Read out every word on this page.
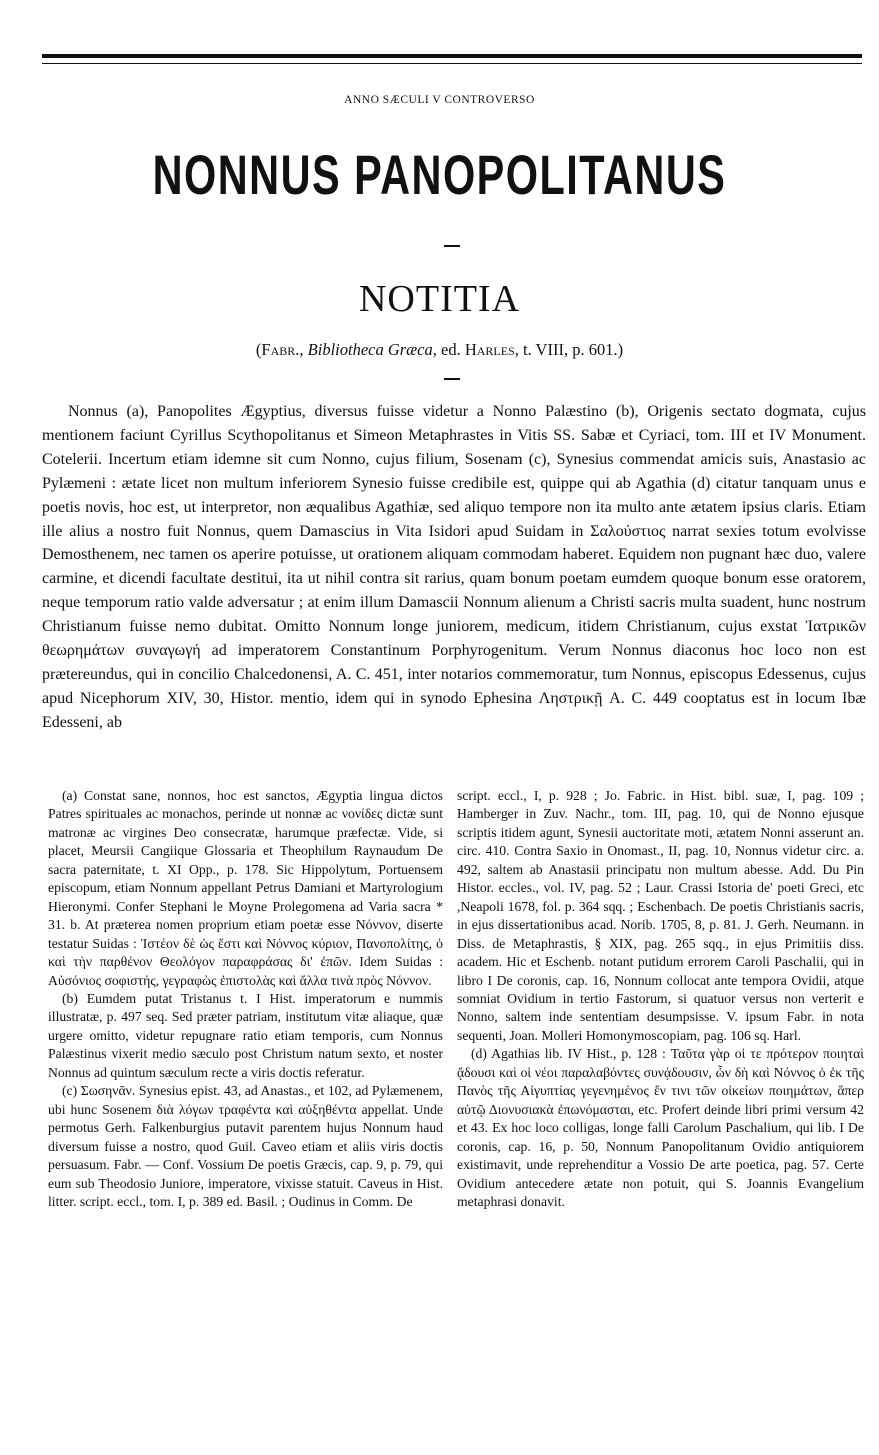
ANNO SÆCULI V CONTROVERSO
NONNUS PANOPOLITANUS
NOTITIA
(Fabr., Bibliotheca Græca, ed. Harles, t. VIII, p. 601.)

Nonnus (a), Panopolites Ægyptius, diversus fuisse videtur a Nonno Palæstino (b), Origenis sectato dogmata, cujus mentionem faciunt Cyrillus Scythopolitanus et Simeon Metaphrastes in Vitis SS. Sabæ et Cyriaci, tom. III et IV Monument. Cotelerii. Incertum etiam idemne sit cum Nonno, cujus filium, Sosenam (c), Synesius commendat amicis suis, Anastasio ac Pylæmeni : ætate licet non multum inferiorem Synesio fuisse credibile est, quippe qui ab Agathia (d) citatur tanquam unus e poetis novis, hoc est, ut interpretor, non æqualibus Agathiæ, sed aliquo tempore non ita multo ante ætatem ipsius claris. Etiam ille alius a nostro fuit Nonnus, quem Damascius in Vita Isidori apud Suidam in Σαλούστιος narrat sexies totum evolvisse Demosthenem, nec tamen os aperire potuisse, ut orationem aliquam commodam haberet. Equidem non pugnant hæc duo, valere carmine, et dicendi facultate destitui, ita ut nihil contra sit rarius, quam bonum poetam eumdem quoque bonum esse oratorem, neque temporum ratio valde adversatur ; at enim illum Damascii Nonnum alienum a Christi sacris multa suadent, hunc nostrum Christianum fuisse nemo dubitat. Omitto Nonnum longe juniorem, medicum, itidem Christianum, cujus exstat Ἰατρικῶν θεωρημάτων συναγωγή ad imperatorem Constantinum Porphyrogenitum. Verum Nonnus diaconus hoc loco non est prætereundus, qui in concilio Chalcedonensi, A. C. 451, inter notarios commemoratur, tum Nonnus, episcopus Edessenus, cujus apud Nicephorum XIV, 30, Histor. mentio, idem qui in synodo Ephesina Ληστρικῇ A. C. 449 cooptatus est in locum Ibæ Edesseni, ab

(a) Constat sane, nonnos, hoc est sanctos, Ægyptia lingua dictos Patres spirituales ac monachos, perinde ut nonnæ ac νονίδες dictæ sunt matronæ ac virgines Deo consecratæ, harumque præfectæ. Vide, si placet, Meursii Cangiique Glossaria et Theophilum Raynaudum De sacra paternitate, t. XI Opp., p. 178. Sic Hippolytum, Portuensem episcopum, etiam Nonnum appellant Petrus Damiani et Martyrologium Hieronymi. Confer Stephani le Moyne Prolegomena ad Varia sacra * 31. b. At præterea nomen proprium etiam poetæ esse Νόννον, diserte testatur Suidas : Ἰστέον δὲ ὡς ἔστι καὶ Νόννος κύριον, Πανοπολίτης, ὁ καὶ τὴν παρθένον Θεολόγον παραφράσας δι' ἐπῶν. Idem Suidas : Αὐσόνιος σοφιστής, γεγραφὼς ἐπιστολὰς καὶ ἄλλα τινὰ πρὸς Νόννον.

(b) Eumdem putat Tristanus t. I Hist. imperatorum e nummis illustratæ, p. 497 seq. Sed præter patriam, institutum vitæ aliaque, quæ urgere omitto, videtur repugnare ratio etiam temporis, cum Nonnus Palæstinus vixerit medio sæculo post Christum natum sexto, et noster Nonnus ad quintum sæculum recte a viris doctis referatur.

(c) Σωσηνᾶν. Synesius epist. 43, ad Anastas., et 102, ad Pylæmenem, ubi hunc Sosenem διὰ λόγων τραφέντα καὶ αὐξηθέντα appellat. Unde permotus Gerh. Falkenburgius putavit parentem hujus Nonnum haud diversum fuisse a nostro, quod Guil. Caveo etiam et aliis viris doctis persuasum. Fabr. — Conf. Vossium De poetis Græcis, cap. 9, p. 79, qui eum sub Theodosio Juniore, imperatore, vixisse statuit. Caveus in Hist. litter. script. eccl., tom. I, p. 389 ed. Basil. ; Oudinus in Comm. De

script. eccl., I, p. 928 ; Jo. Fabric. in Hist. bibl. suæ, I, pag. 109 ; Hamberger in Zuv. Nachr., tom. III, pag. 10, qui de Nonno ejusque scriptis itidem agunt, Synesii auctoritate moti, ætatem Nonni asserunt an. circ. 410. Contra Saxio in Onomast., II, pag. 10, Nonnus videtur circ. a. 492, saltem ab Anastasii principatu non multum abesse. Add. Du Pin Histor. eccles., vol. IV, pag. 52 ; Laur. Crassi Istoria de' poeti Greci, etc ,Neapoli 1678, fol. p. 364 sqq. ; Eschenbach. De poetis Christianis sacris, in ejus dissertationibus acad. Norib. 1705, 8, p. 81. J. Gerh. Neumann. in Diss. de Metaphrastis, § XIX, pag. 265 sqq., in ejus Primitiis diss. academ. Hic et Eschenb. notant putidum errorem Caroli Paschalii, qui in libro I De coronis, cap. 16, Nonnum collocat ante tempora Ovidii, atque somniat Ovidium in tertio Fastorum, si quatuor versus non verterit e Nonno, saltem inde sententiam desumpsisse. V. ipsum Fabr. in nota sequenti, Joan. Molleri Homonymoscopiam, pag. 106 sq. Harl.

(d) Agathias lib. IV Hist., p. 128 : Ταῦτα γὰρ οἱ τε πρότερον ποιηταὶ ᾄδουσι καὶ οἱ νέοι παραλαβόντες συνᾴδουσιν, ὧν δὴ καὶ Νόννος ὁ ἐκ τῆς Πανὸς τῆς Αἰγυπτίας γεγενημένος ἔν τινι τῶν οἰκείων ποιημάτων, ἅπερ αὐτῷ Διονυσιακὰ ἐπωνόμασται, etc. Profert deinde libri primi versum 42 et 43. Ex hoc loco colligas, longe falli Carolum Paschalium, qui lib. I De coronis, cap. 16, p. 50, Nonnum Panopolitanum Ovidio antiquiorem existimavit, unde reprehenditur a Vossio De arte poetica, pag. 57. Certe Ovidium antecedere ætate non potuit, qui S. Joannis Evangelium metaphrasi donavit.
